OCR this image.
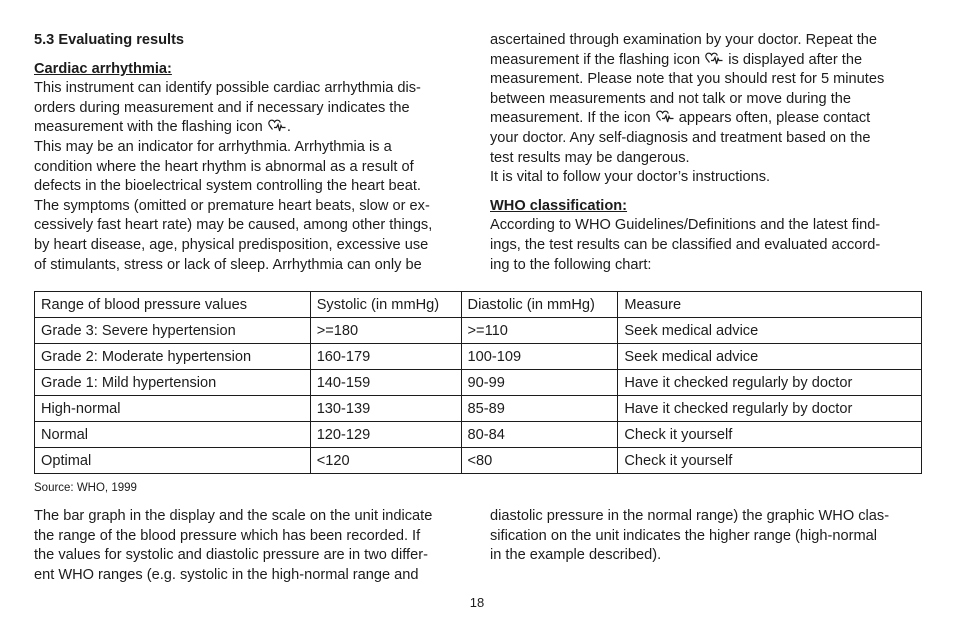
5.3 Evaluating results
Cardiac arrhythmia:

This instrument can identify possible cardiac arrhythmia dis-
orders during measurement and if necessary indicates the
measurement with the flashing icon .

This may be an indicator for arrhythmia. Arrhythmia is a
condition where the heart rhythm is abnormal as a result of
defects in the bioelectrical system controlling the heart beat.
The symptoms (omitted or premature heart beats, slow or ex-
cessively fast heart rate) may be caused, among other things,
by heart disease, age, physical predisposition, excessive use
of stimulants, stress or lack of sleep. Arrhythmia can only be

ascertained through examination by your doctor. Repeat the
measurement if the flashing icon is displayed after the
measurement. Please note that you should rest for 5 minutes
between measurements and not talk or move during the
measurement. If the icon appears often, please contact
your doctor. Any self-diagnosis and treatment based on the
test results may be dangerous.
It is vital to follow your doctor’s instructions.

WHO classification:

According to WHO Guidelines/Definitions and the latest find-
ings, the test results can be classified and evaluated accord-
ing to the following chart:

Range of blood pressure values	Systolic (in mmHg)	Diastolic (in mmHg)	Measure
Grade 3: Severe hypertension	>=180	>=110	Seek medical advice
Grade 2: Moderate hypertension	160-179	100-109	Seek medical advice
Grade 1: Mild hypertension	140-159	90-99	Have it checked regularly by doctor
High-normal	130-139	85-89	Have it checked regularly by doctor
Normal	120-129	80-84	Check it yourself
Optimal	<120	<80	Check it yourself
Source: WHO, 1999

The bar graph in the display and the scale on the unit indicate
the range of the blood pressure which has been recorded. If
the values for systolic and diastolic pressure are in two differ-
ent WHO ranges (e.g. systolic in the high-normal range and

diastolic pressure in the normal range) the graphic WHO clas-
sification on the unit indicates the higher range (high-normal
in the example described).

18
